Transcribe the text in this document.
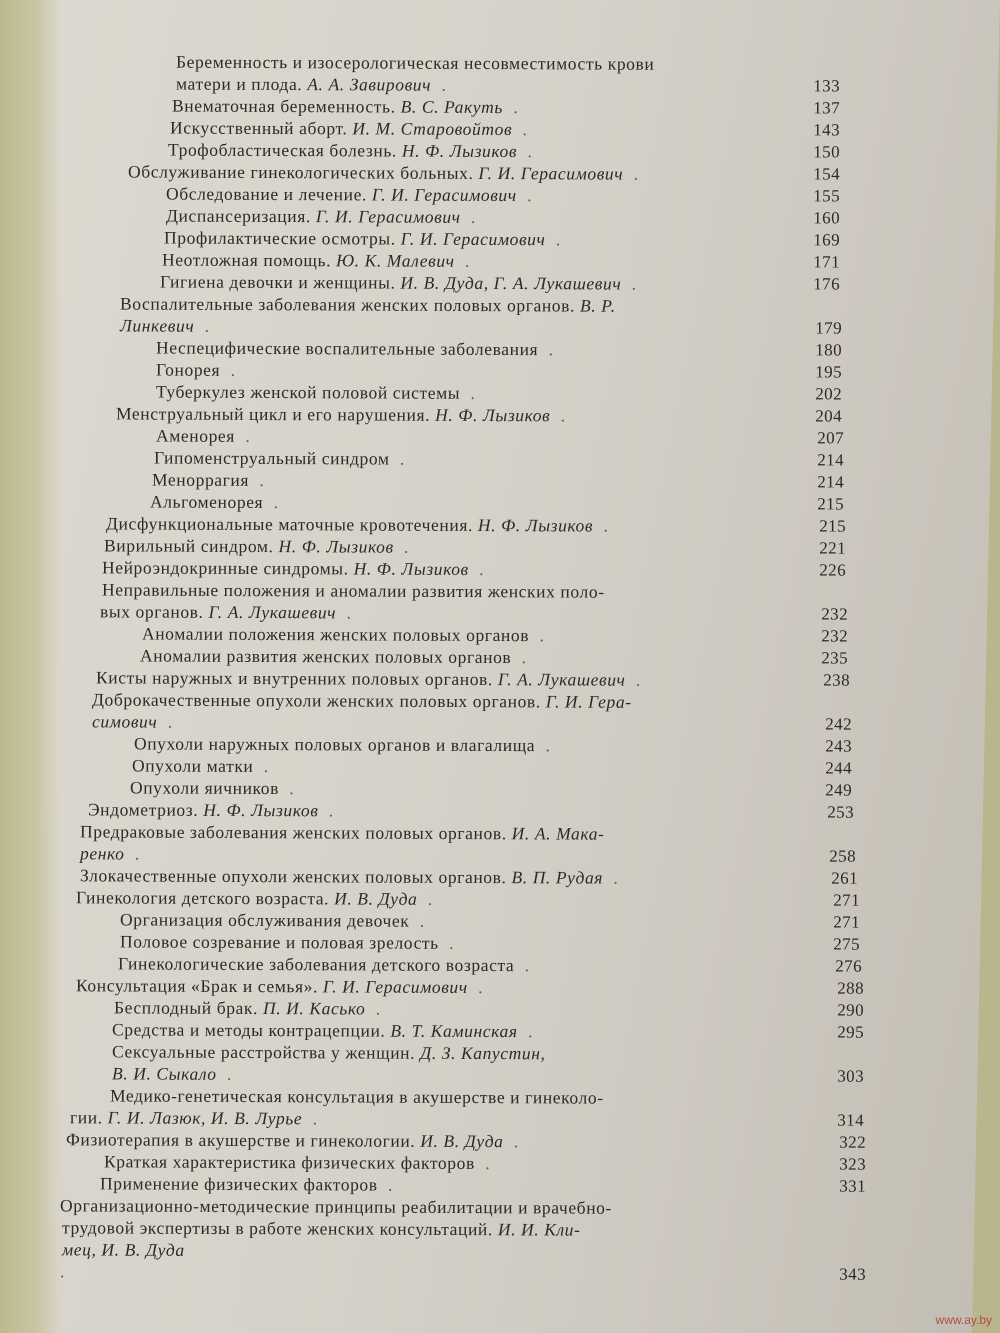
Беременность и изосерологическая несовместимость крови
матери и плода. А. А. Завирович .	133
Внематочная беременность. В. С. Ракуть .	137
Искусственный аборт. И. М. Старовойтов .	143
Трофобластическая болезнь. Н. Ф. Лызиков .	150
Обслуживание гинекологических больных. Г. И. Герасимович .	154
Обследование и лечение. Г. И. Герасимович .	155
Диспансеризация. Г. И. Герасимович .	160
Профилактические осмотры. Г. И. Герасимович .	169
Неотложная помощь. Ю. К. Малевич .	171
Гигиена девочки и женщины. И. В. Дуда, Г. А. Лукашевич .	176
Воспалительные заболевания женских половых органов. В. Р.
Линкевич .	179
Неспецифические воспалительные заболевания .	180
Гонорея .	195
Туберкулез женской половой системы .	202
Менструальный цикл и его нарушения. Н. Ф. Лызиков .	204
Аменорея .	207
Гипоменструальный синдром .	214
Меноррагия .	214
Альгоменорея .	215
Дисфункциональные маточные кровотечения. Н. Ф. Лызиков .	215
Вирильный синдром. Н. Ф. Лызиков .	221
Нейроэндокринные синдромы. Н. Ф. Лызиков .	226
Неправильные положения и аномалии развития женских поло-
вых органов. Г. А. Лукашевич .	232
Аномалии положения женских половых органов .	232
Аномалии развития женских половых органов .	235
Кисты наружных и внутренних половых органов. Г. А. Лукашевич .	238
Доброкачественные опухоли женских половых органов. Г. И. Гера-
симович .	242
Опухоли наружных половых органов и влагалища .	243
Опухоли матки .	244
Опухоли яичников .	249
Эндометриоз. Н. Ф. Лызиков .	253
Предраковые заболевания женских половых органов. И. А. Мака-
ренко .	258
Злокачественные опухоли женских половых органов. В. П. Рудая .	261
Гинекология детского возраста. И. В. Дуда .	271
Организация обслуживания девочек .	271
Половое созревание и половая зрелость .	275
Гинекологические заболевания детского возраста .	276
Консультация «Брак и семья». Г. И. Герасимович .	288
Бесплодный брак. П. И. Касько .	290
Средства и методы контрацепции. В. Т. Каминская .	295
Сексуальные расстройства у женщин. Д. З. Капустин,
В. И. Сыкало .	303
Медико-генетическая консультация в акушерстве и гинеколо-
гии. Г. И. Лазюк, И. В. Лурье .	314
Физиотерапия в акушерстве и гинекологии. И. В. Дуда .	322
Краткая характеристика физических факторов .	323
Применение физических факторов .	331
Организационно-методические принципы реабилитации и врачебно-
трудовой экспертизы в работе женских консультаций. И. И. Кли-
мец, И. В. Дуда
.	343
www.ay.by
